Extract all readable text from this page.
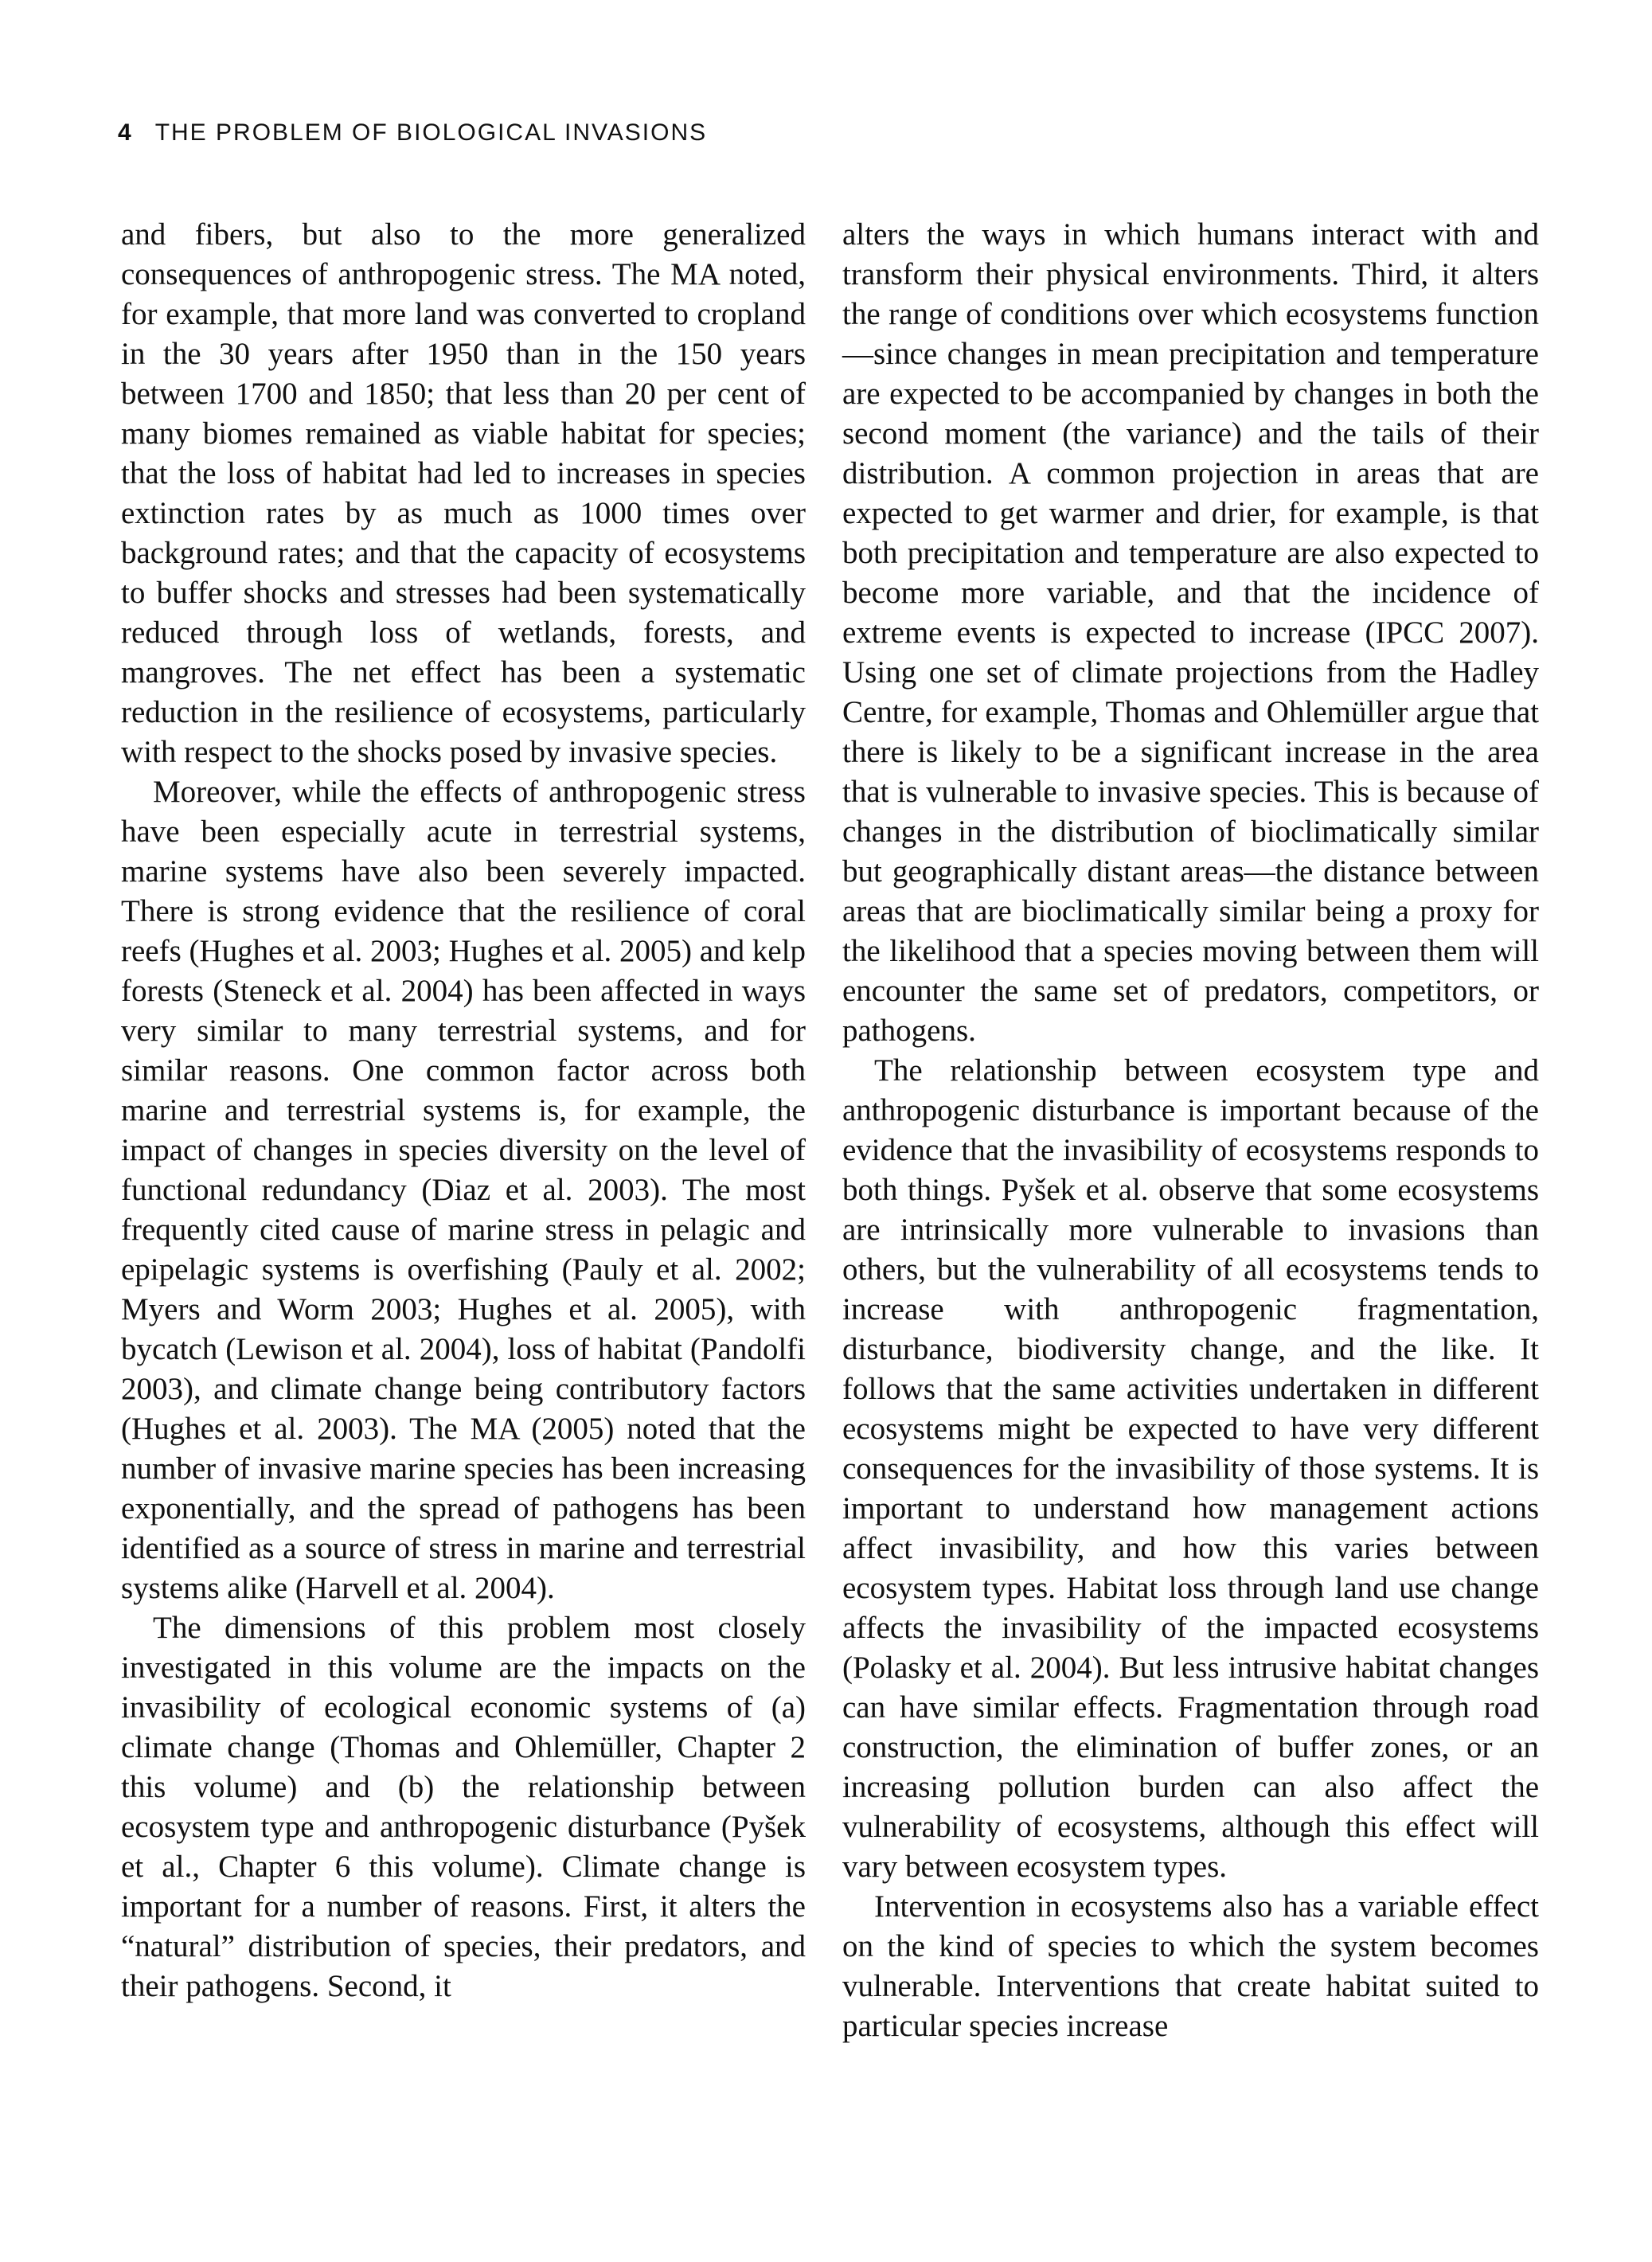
4 THE PROBLEM OF BIOLOGICAL INVASIONS

and fibers, but also to the more generalized consequences of anthropogenic stress. The MA noted, for example, that more land was converted to cropland in the 30 years after 1950 than in the 150 years between 1700 and 1850; that less than 20 per cent of many biomes remained as viable habitat for species; that the loss of habitat had led to increases in species extinction rates by as much as 1000 times over background rates; and that the capacity of ecosystems to buffer shocks and stresses had been systematically reduced through loss of wetlands, forests, and mangroves. The net effect has been a systematic reduction in the resilience of ecosystems, particularly with respect to the shocks posed by invasive species.

Moreover, while the effects of anthropogenic stress have been especially acute in terrestrial systems, marine systems have also been severely impacted. There is strong evidence that the resilience of coral reefs (Hughes et al. 2003; Hughes et al. 2005) and kelp forests (Steneck et al. 2004) has been affected in ways very similar to many terrestrial systems, and for similar reasons. One common factor across both marine and terrestrial systems is, for example, the impact of changes in species diversity on the level of functional redundancy (Diaz et al. 2003). The most frequently cited cause of marine stress in pelagic and epipelagic systems is overfishing (Pauly et al. 2002; Myers and Worm 2003; Hughes et al. 2005), with bycatch (Lewison et al. 2004), loss of habitat (Pandolfi 2003), and climate change being contributory factors (Hughes et al. 2003). The MA (2005) noted that the number of invasive marine species has been increasing exponentially, and the spread of pathogens has been identified as a source of stress in marine and terrestrial systems alike (Harvell et al. 2004).

The dimensions of this problem most closely investigated in this volume are the impacts on the invasibility of ecological economic systems of (a) climate change (Thomas and Ohlemüller, Chapter 2 this volume) and (b) the relationship between ecosystem type and anthropogenic disturbance (Pyšek et al., Chapter 6 this volume). Climate change is important for a number of reasons. First, it alters the “natural” distribution of species, their predators, and their pathogens. Second, it

alters the ways in which humans interact with and transform their physical environments. Third, it alters the range of conditions over which ecosystems function—since changes in mean precipitation and temperature are expected to be accompanied by changes in both the second moment (the variance) and the tails of their distribution. A common projection in areas that are expected to get warmer and drier, for example, is that both precipitation and temperature are also expected to become more variable, and that the incidence of extreme events is expected to increase (IPCC 2007). Using one set of climate projections from the Hadley Centre, for example, Thomas and Ohlemüller argue that there is likely to be a significant increase in the area that is vulnerable to invasive species. This is because of changes in the distribution of bioclimatically similar but geographically distant areas—the distance between areas that are bioclimatically similar being a proxy for the likelihood that a species moving between them will encounter the same set of predators, competitors, or pathogens.

The relationship between ecosystem type and anthropogenic disturbance is important because of the evidence that the invasibility of ecosystems responds to both things. Pyšek et al. observe that some ecosystems are intrinsically more vulnerable to invasions than others, but the vulnerability of all ecosystems tends to increase with anthropogenic fragmentation, disturbance, biodiversity change, and the like. It follows that the same activities undertaken in different ecosystems might be expected to have very different consequences for the invasibility of those systems. It is important to understand how management actions affect invasibility, and how this varies between ecosystem types. Habitat loss through land use change affects the invasibility of the impacted ecosystems (Polasky et al. 2004). But less intrusive habitat changes can have similar effects. Fragmentation through road construction, the elimination of buffer zones, or an increasing pollution burden can also affect the vulnerability of ecosystems, although this effect will vary between ecosystem types.

Intervention in ecosystems also has a variable effect on the kind of species to which the system becomes vulnerable. Interventions that create habitat suited to particular species increase
